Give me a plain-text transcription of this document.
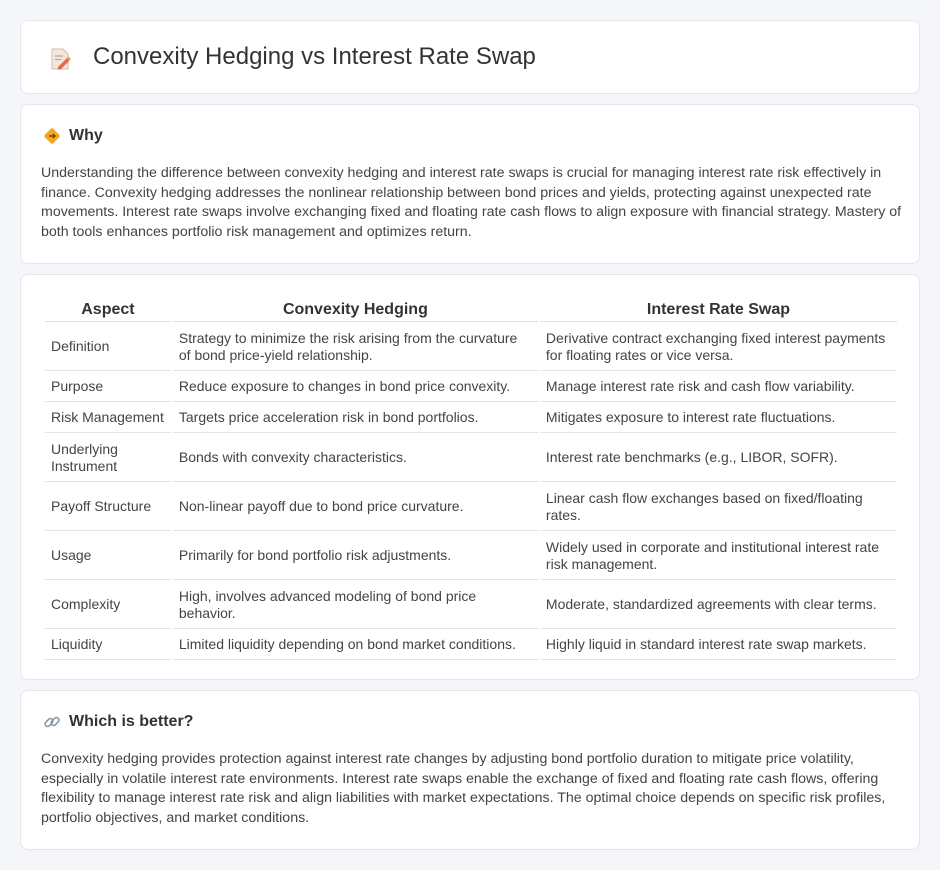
Convexity Hedging vs Interest Rate Swap
Why

Understanding the difference between convexity hedging and interest rate swaps is crucial for managing interest rate risk effectively in finance. Convexity hedging addresses the nonlinear relationship between bond prices and yields, protecting against unexpected rate movements. Interest rate swaps involve exchanging fixed and floating rate cash flows to align exposure with financial strategy. Mastery of both tools enhances portfolio risk management and optimizes return.

Aspect	Convexity Hedging	Interest Rate Swap
Definition	Strategy to minimize the risk arising from the curvature of bond price-yield relationship.	Derivative contract exchanging fixed interest payments for floating rates or vice versa.
Purpose	Reduce exposure to changes in bond price convexity.	Manage interest rate risk and cash flow variability.
Risk Management	Targets price acceleration risk in bond portfolios.	Mitigates exposure to interest rate fluctuations.
Underlying Instrument	Bonds with convexity characteristics.	Interest rate benchmarks (e.g., LIBOR, SOFR).
Payoff Structure	Non-linear payoff due to bond price curvature.	Linear cash flow exchanges based on fixed/floating rates.
Usage	Primarily for bond portfolio risk adjustments.	Widely used in corporate and institutional interest rate risk management.
Complexity	High, involves advanced modeling of bond price behavior.	Moderate, standardized agreements with clear terms.
Liquidity	Limited liquidity depending on bond market conditions.	Highly liquid in standard interest rate swap markets.
Which is better?

Convexity hedging provides protection against interest rate changes by adjusting bond portfolio duration to mitigate price volatility, especially in volatile interest rate environments. Interest rate swaps enable the exchange of fixed and floating rate cash flows, offering flexibility to manage interest rate risk and align liabilities with market expectations. The optimal choice depends on specific risk profiles, portfolio objectives, and market conditions.
